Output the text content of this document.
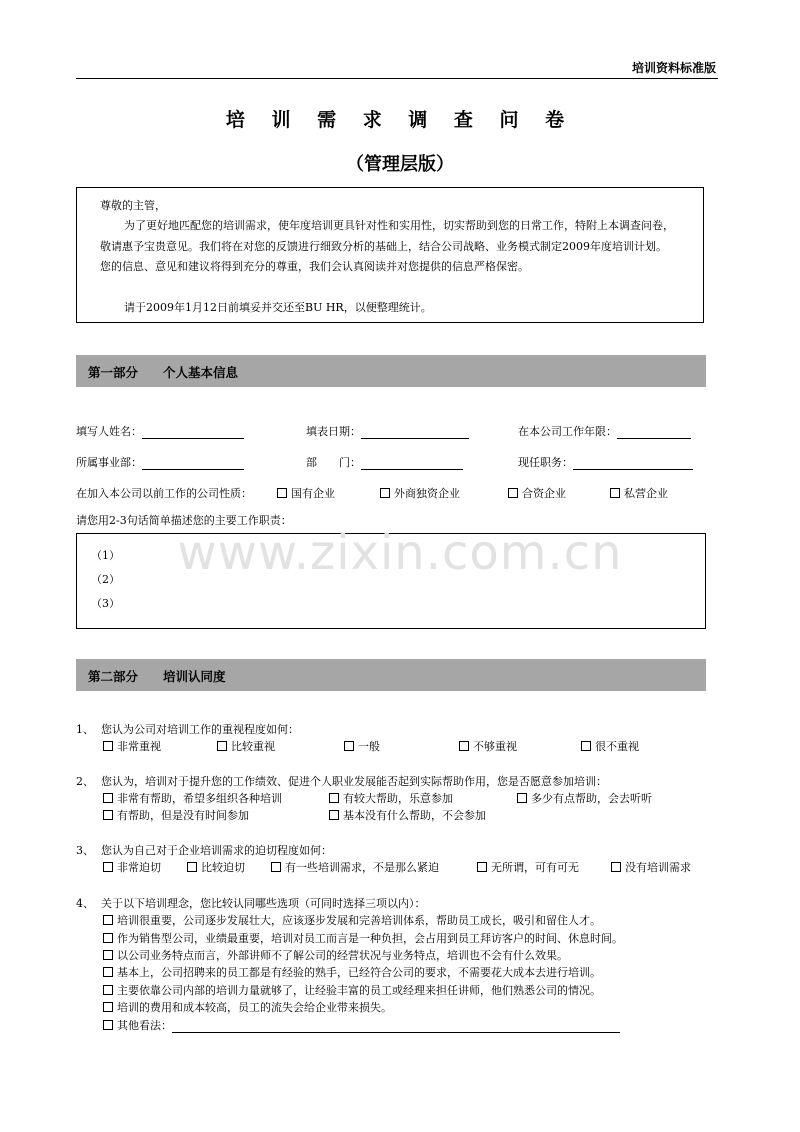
培训资料标准版
培 训 需 求 调 查 问 卷
（管理层版）
尊敬的主管，
为了更好地匹配您的培训需求，使年度培训更具针对性和实用性，切实帮助到您的日常工作，特附上本调查问卷，敬请惠予宝贵意见。我们将在对您的反馈进行细致分析的基础上，结合公司战略、业务模式制定2009年度培训计划。 您的信息、意见和建议将得到充分的尊重，我们会认真阅读并对您提供的信息严格保密。
请于2009年1月12日前填妥并交还至BU HR，以便整理统计。
第一部分　　个人基本信息
填写人姓名：	填表日期：	在本公司工作年限：
所属事业部：	部　　门：	现任职务：
在加入本公司以前工作的公司性质：	国有企业	外商独资企业	合资企业	私营企业
请您用2-3句话简单描述您的主要工作职责：
（1）
（2）
（3）
www.zixin.com.cn
第二部分　　培训认同度
1、 您认为公司对培训工作的重视程度如何：
非常重视	比较重视	一般	不够重视	很不重视
2、 您认为，培训对于提升您的工作绩效、促进个人职业发展能否起到实际帮助作用，您是否愿意参加培训：
非常有帮助，希望多组织各种培训	有较大帮助，乐意参加	多少有点帮助，会去听听
有帮助，但是没有时间参加	基本没有什么帮助，不会参加
3、 您认为自己对于企业培训需求的迫切程度如何：
非常迫切	比较迫切	有一些培训需求，不是那么紧迫	无所谓，可有可无	没有培训需求
4、 关于以下培训理念，您比较认同哪些选项（可同时选择三项以内）：
培训很重要，公司逐步发展壮大，应该逐步发展和完善培训体系，帮助员工成长，吸引和留住人才。
作为销售型公司，业绩最重要，培训对员工而言是一种负担，会占用到员工拜访客户的时间、休息时间。
以公司业务特点而言，外部讲师不了解公司的经营状况与业务特点，培训也不会有什么效果。
基本上，公司招聘来的员工都是有经验的熟手，已经符合公司的要求，不需要花大成本去进行培训。
主要依靠公司内部的培训力量就够了，让经验丰富的员工或经理来担任讲师，他们熟悉公司的情况。
培训的费用和成本较高，员工的流失会给企业带来损失。
其他看法：
